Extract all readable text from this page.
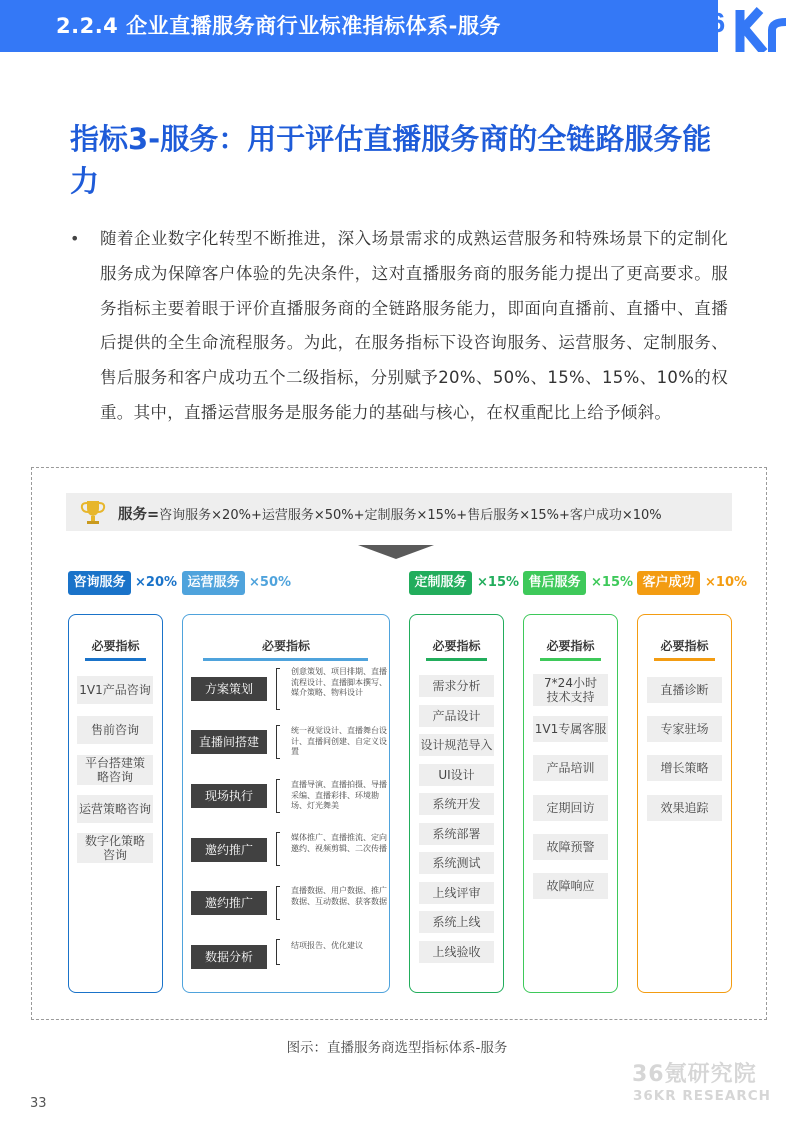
2.2.4 企业直播服务商行业标准指标体系-服务	36
指标3-服务：用于评估直播服务商的全链路服务能力
• 随着企业数字化转型不断推进，深入场景需求的成熟运营服务和特殊场景下的定制化服务成为保障客户体验的先决条件，这对直播服务商的服务能力提出了更高要求。服务指标主要着眼于评价直播服务商的全链路服务能力，即面向直播前、直播中、直播后提供的全生命流程服务。为此，在服务指标下设咨询服务、运营服务、定制服务、售后服务和客户成功五个二级指标，分别赋予20%、50%、15%、15%、10%的权重。其中，直播运营服务是服务能力的基础与核心，在权重配比上给予倾斜。
服务=咨询服务×20%+运营服务×50%+定制服务×15%+售后服务×15%+客户成功×10%
咨询服务 ×20% 运营服务 ×50%	定制服务 ×15% 售后服务 ×15% 客户成功 ×10%
必要指标
1V1产品咨询
售前咨询
平台搭建策略咨询
运营策略咨询
数字化策略咨询
必要指标
方案策划
创意策划、项目排期、直播流程设计、直播脚本撰写、媒介策略、物料设计
直播间搭建
统一视觉设计、直播舞台设计、直播间创建、自定义设置
现场执行
直播导演、直播拍摄、导播采编、直播彩排、环境勘场、灯光舞美
邀约推广
媒体推广、直播推流、定向邀约、视频剪辑、二次传播
邀约推广
直播数据、用户数据、推广数据、互动数据、获客数据
数据分析
结项报告、优化建议
必要指标
需求分析
产品设计
设计规范导入
UI设计
系统开发
系统部署
系统测试
上线评审
系统上线
上线验收
必要指标
7*24小时技术支持
1V1专属客服
产品培训
定期回访
故障预警
故障响应
必要指标
直播诊断
专家驻场
增长策略
效果追踪
图示：直播服务商选型指标体系-服务
36氪研究院
36KR RESEARCH
33
